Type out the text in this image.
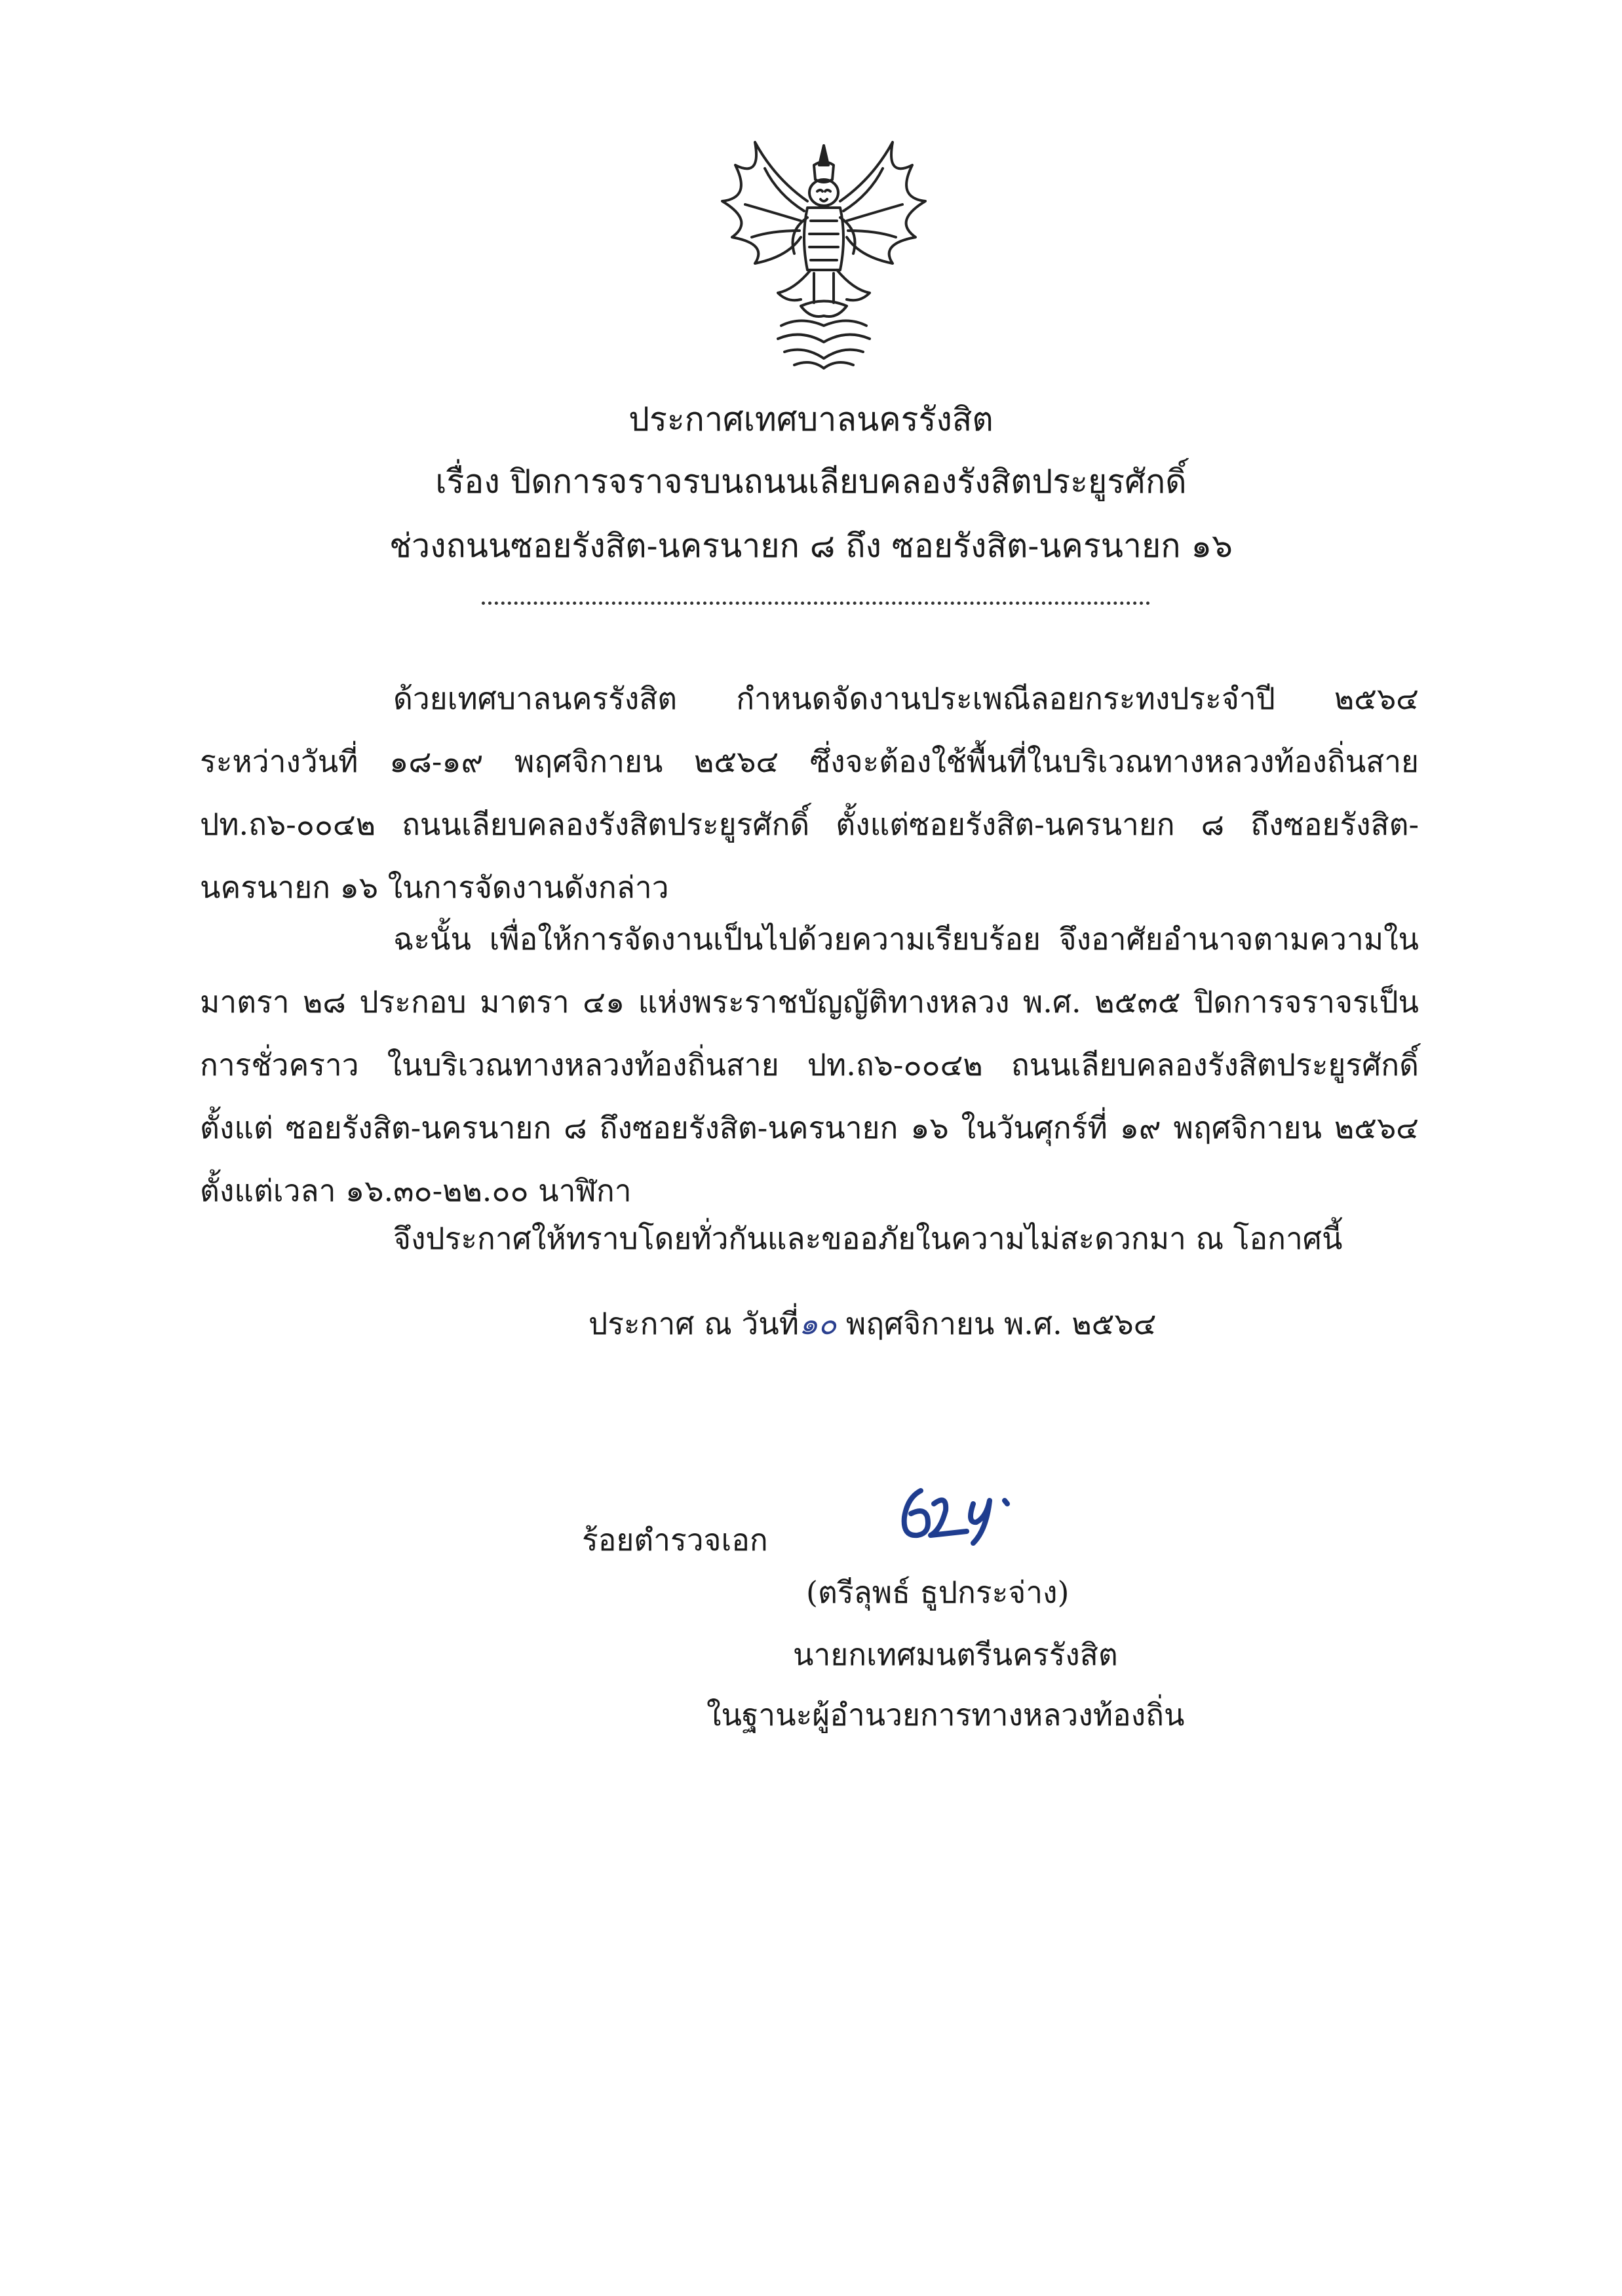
ประกาศเทศบาลนครรังสิต
เรื่อง ปิดการจราจรบนถนนเลียบคลองรังสิตประยูรศักดิ์
ช่วงถนนซอยรังสิต-นครนายก ๘ ถึง ซอยรังสิต-นครนายก ๑๖
ด้วยเทศบาลนครรังสิต กำหนดจัดงานประเพณีลอยกระทงประจำปี ๒๕๖๔ ระหว่างวันที่ ๑๘-๑๙ พฤศจิกายน ๒๕๖๔ ซึ่งจะต้องใช้พื้นที่ในบริเวณทางหลวงท้องถิ่นสาย ปท.ถ๖-๐๐๔๒ ถนนเลียบคลองรังสิตประยูรศักดิ์ ตั้งแต่ซอยรังสิต-นครนายก ๘ ถึงซอยรังสิต-นครนายก ๑๖ ในการจัดงานดังกล่าว
ฉะนั้น เพื่อให้การจัดงานเป็นไปด้วยความเรียบร้อย จึงอาศัยอำนาจตามความใน มาตรา ๒๘ ประกอบ มาตรา ๔๑ แห่งพระราชบัญญัติทางหลวง พ.ศ. ๒๕๓๕ ปิดการจราจรเป็น การชั่วคราว ในบริเวณทางหลวงท้องถิ่นสาย ปท.ถ๖-๐๐๔๒ ถนนเลียบคลองรังสิตประยูรศักดิ์ ตั้งแต่ ซอยรังสิต-นครนายก ๘ ถึงซอยรังสิต-นครนายก ๑๖ ในวันศุกร์ที่ ๑๙ พฤศจิกายน ๒๕๖๔ ตั้งแต่เวลา ๑๖.๓๐-๒๒.๐๐ นาฬิกา
จึงประกาศให้ทราบโดยทั่วกันและขออภัยในความไม่สะดวกมา ณ โอกาศนี้
ประกาศ ณ วันที่๑๐ พฤศจิกายน พ.ศ. ๒๕๖๔
ร้อยตำรวจเอก
(ตรีลุพธ์ ธูปกระจ่าง)
นายกเทศมนตรีนครรังสิต
ในฐานะผู้อำนวยการทางหลวงท้องถิ่น
